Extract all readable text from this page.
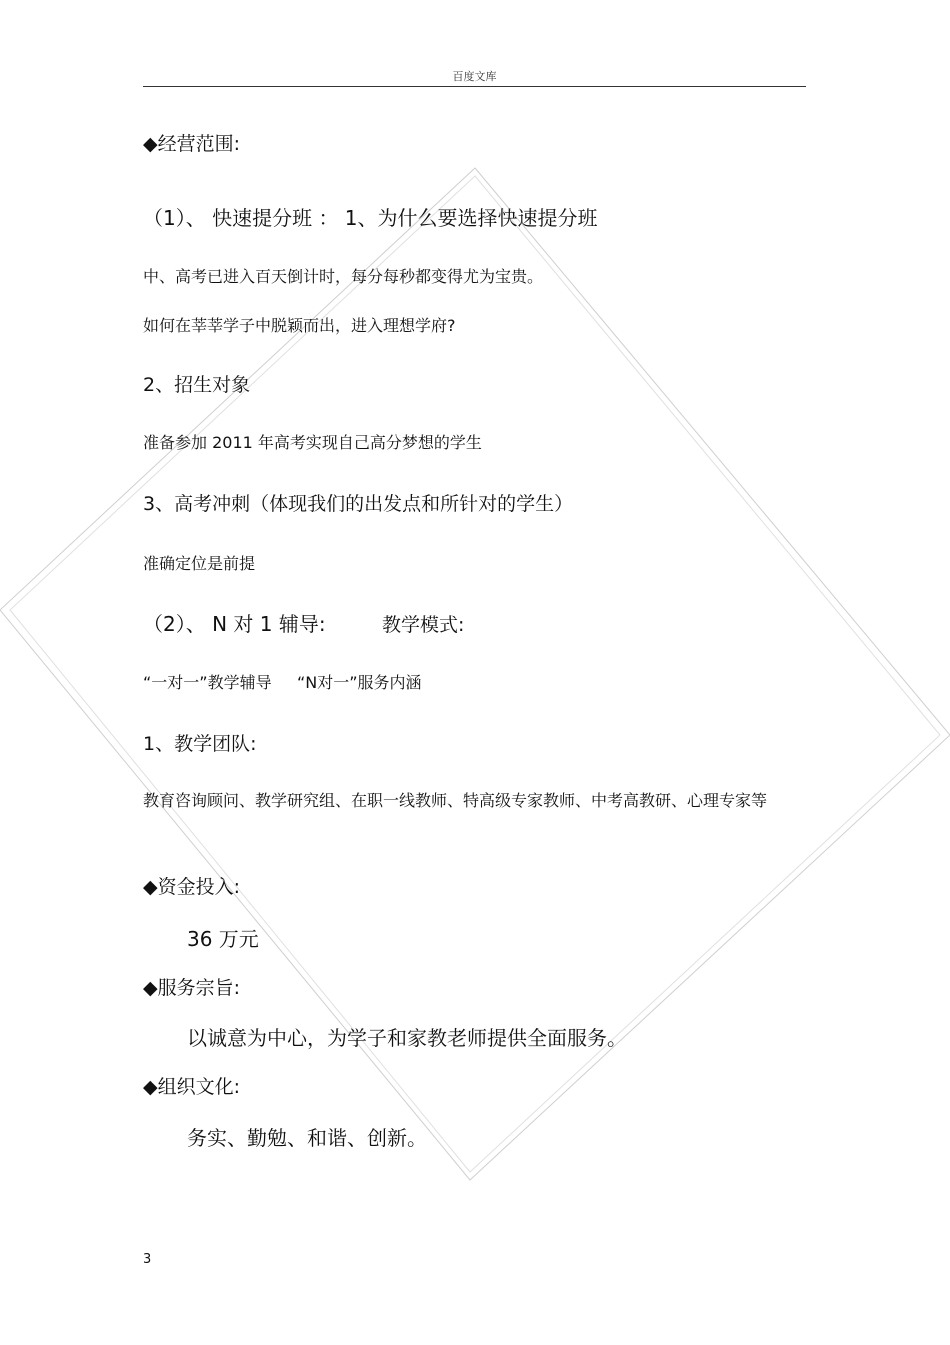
百度文库
◆经营范围:
（1）、 快速提分班 ： 1、为什么要选择快速提分班
中、高考已进入百天倒计时，每分每秒都变得尤为宝贵。
如何在莘莘学子中脱颖而出，进入理想学府?
2、招生对象
准备参加 2011 年高考实现自己高分梦想的学生
3、高考冲刺（体现我们的出发点和所针对的学生）
准确定位是前提
（2）、 N 对 1 辅导:	教学模式:
“一对一”教学辅导     “N对一”服务内涵
1、教学团队:
教育咨询顾问、教学研究组、在职一线教师、特高级专家教师、中考高教研、心理专家等
◆资金投入:
36 万元
◆服务宗旨:
以诚意为中心，为学子和家教老师提供全面服务。
◆组织文化:
务实、勤勉、和谐、创新。
3
